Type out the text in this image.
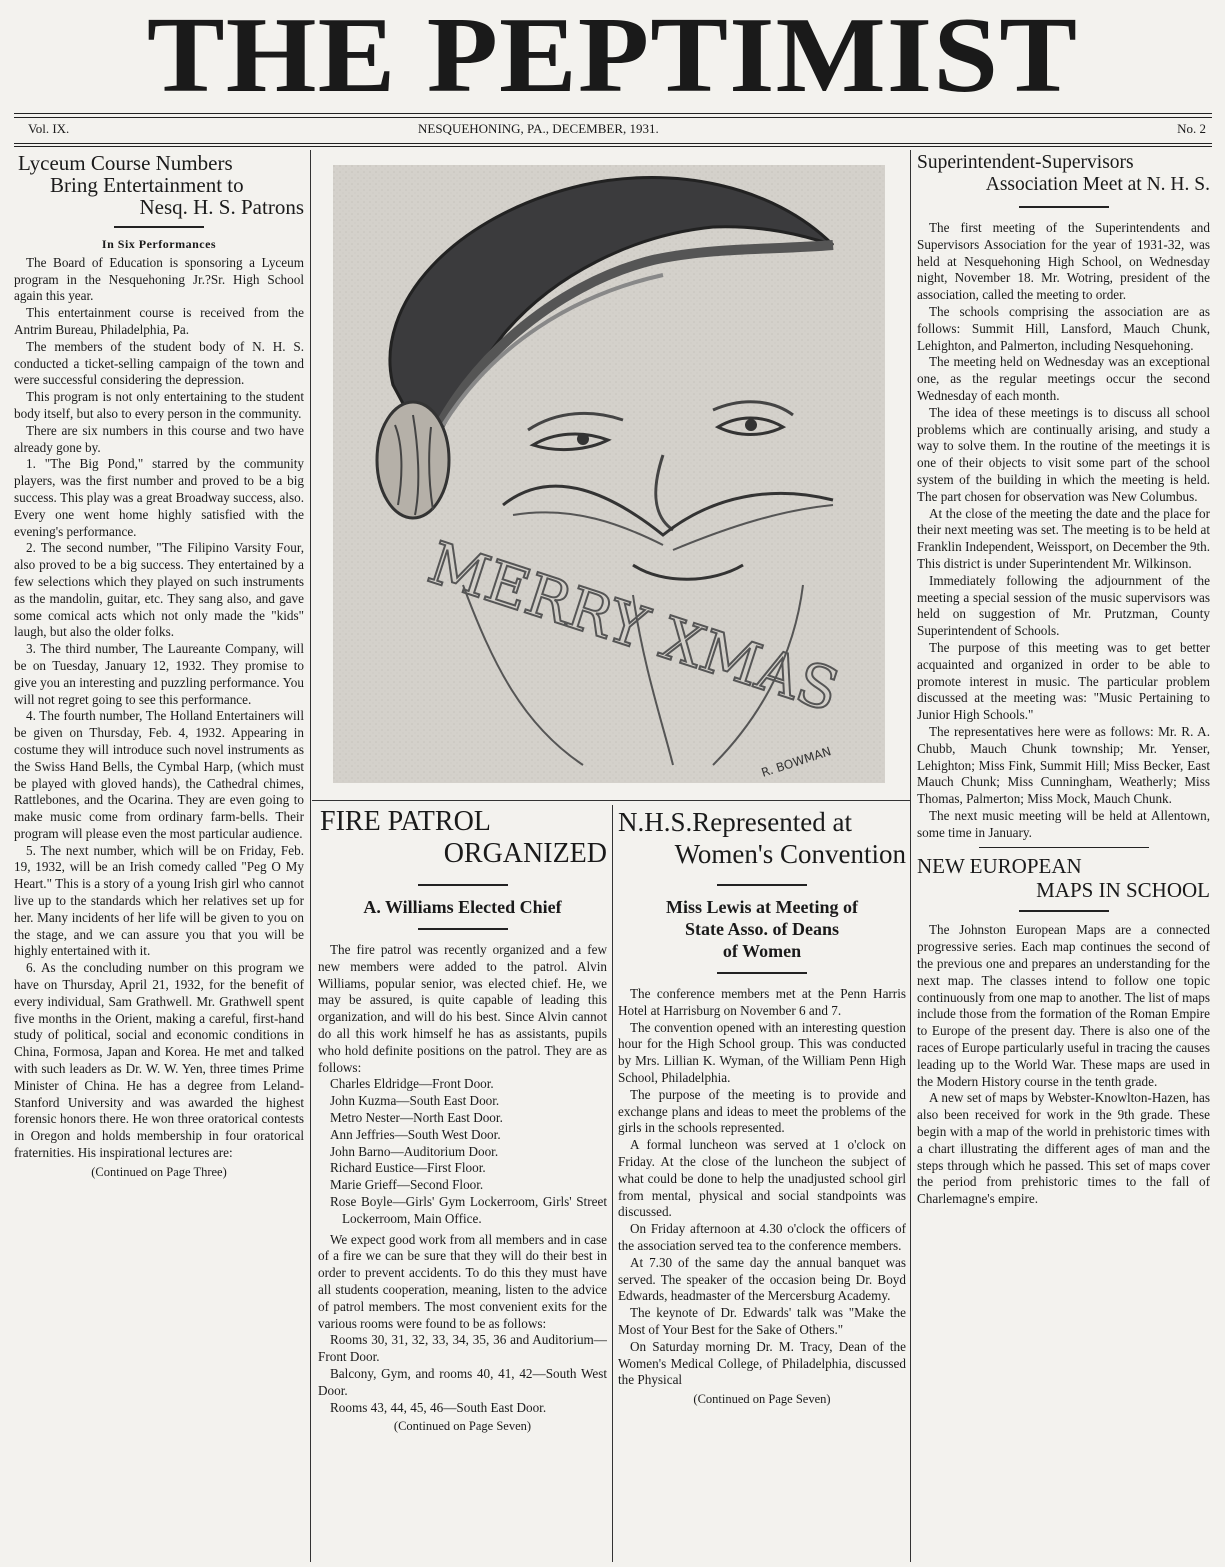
THE PEPTIMIST
Vol. IX.	NESQUEHONING, PA., DECEMBER, 1931.	No. 2
Lyceum Course Numbers
Bring Entertainment to
Nesq. H. S. Patrons
In Six Performances

The Board of Education is sponsoring a Lyceum program in the Nesquehoning Jr.?Sr. High School again this year.

This entertainment course is received from the Antrim Bureau, Philadelphia, Pa.

The members of the student body of N. H. S. conducted a ticket-selling campaign of the town and were successful considering the depression.

This program is not only entertaining to the student body itself, but also to every person in the community.

There are six numbers in this course and two have already gone by.

1. "The Big Pond," starred by the community players, was the first number and proved to be a big success. This play was a great Broadway success, also. Every one went home highly satisfied with the evening's performance.

2. The second number, "The Filipino Varsity Four, also proved to be a big success. They entertained by a few selections which they played on such instruments as the mandolin, guitar, etc. They sang also, and gave some comical acts which not only made the "kids" laugh, but also the older folks.

3. The third number, The Laureante Company, will be on Tuesday, January 12, 1932. They promise to give you an interesting and puzzling performance. You will not regret going to see this performance.

4. The fourth number, The Holland Entertainers will be given on Thursday, Feb. 4, 1932. Appearing in costume they will introduce such novel instruments as the Swiss Hand Bells, the Cymbal Harp, (which must be played with gloved hands), the Cathedral chimes, Rattlebones, and the Ocarina. They are even going to make music come from ordinary farm-bells. Their program will please even the most particular audience.

5. The next number, which will be on Friday, Feb. 19, 1932, will be an Irish comedy called "Peg O My Heart." This is a story of a young Irish girl who cannot live up to the standards which her relatives set up for her. Many incidents of her life will be given to you on the stage, and we can assure you that you will be highly entertained with it.

6. As the concluding number on this program we have on Thursday, April 21, 1932, for the benefit of every individual, Sam Grathwell. Mr. Grathwell spent five months in the Orient, making a careful, first-hand study of political, social and economic conditions in China, Formosa, Japan and Korea. He met and talked with such leaders as Dr. W. W. Yen, three times Prime Minister of China. He has a degree from Leland-Stanford University and was awarded the highest forensic honors there. He won three oratorical contests in Oregon and holds membership in four oratorical fraternities. His inspirational lectures are:

(Continued on Page Three)
MERRY XMAS
R. BOWMAN
FIRE PATROL
ORGANIZED
A. Williams Elected Chief

The fire patrol was recently organized and a few new members were added to the patrol. Alvin Williams, popular senior, was elected chief. He, we may be assured, is quite capable of leading this organization, and will do his best. Since Alvin cannot do all this work himself he has as assistants, pupils who hold definite positions on the patrol. They are as follows:

Charles Eldridge—Front Door.

John Kuzma—South East Door.

Metro Nester—North East Door.

Ann Jeffries—South West Door.

John Barno—Auditorium Door.

Richard Eustice—First Floor.

Marie Grieff—Second Floor.

Rose Boyle—Girls' Gym Lockerroom, Girls' Street Lockerroom, Main Office.

We expect good work from all members and in case of a fire we can be sure that they will do their best in order to prevent accidents. To do this they must have all students cooperation, meaning, listen to the advice of patrol members. The most convenient exits for the various rooms were found to be as follows:

Rooms 30, 31, 32, 33, 34, 35, 36 and Auditorium—Front Door.

Balcony, Gym, and rooms 40, 41, 42—South West Door.

Rooms 43, 44, 45, 46—South East Door.

(Continued on Page Seven)
N.H.S.Represented at
Women's Convention
Miss Lewis at Meeting of
State Asso. of Deans
of Women

The conference members met at the Penn Harris Hotel at Harrisburg on November 6 and 7.

The convention opened with an interesting question hour for the High School group. This was conducted by Mrs. Lillian K. Wyman, of the William Penn High School, Philadelphia.

The purpose of the meeting is to provide and exchange plans and ideas to meet the problems of the girls in the schools represented.

A formal luncheon was served at 1 o'clock on Friday. At the close of the luncheon the subject of what could be done to help the unadjusted school girl from mental, physical and social standpoints was discussed.

On Friday afternoon at 4.30 o'clock the officers of the association served tea to the conference members.

At 7.30 of the same day the annual banquet was served. The speaker of the occasion being Dr. Boyd Edwards, headmaster of the Mercersburg Academy.

The keynote of Dr. Edwards' talk was "Make the Most of Your Best for the Sake of Others."

On Saturday morning Dr. M. Tracy, Dean of the Women's Medical College, of Philadelphia, discussed the Physical

(Continued on Page Seven)
Superintendent-Supervisors
Association Meet at N. H. S.

The first meeting of the Superintendents and Supervisors Association for the year of 1931-32, was held at Nesquehoning High School, on Wednesday night, November 18. Mr. Wotring, president of the association, called the meeting to order.

The schools comprising the association are as follows: Summit Hill, Lansford, Mauch Chunk, Lehighton, and Palmerton, including Nesquehoning.

The meeting held on Wednesday was an exceptional one, as the regular meetings occur the second Wednesday of each month.

The idea of these meetings is to discuss all school problems which are continually arising, and study a way to solve them. In the routine of the meetings it is one of their objects to visit some part of the school system of the building in which the meeting is held. The part chosen for observation was New Columbus.

At the close of the meeting the date and the place for their next meeting was set. The meeting is to be held at Franklin Independent, Weissport, on December the 9th. This district is under Superintendent Mr. Wilkinson.

Immediately following the adjournment of the meeting a special session of the music supervisors was held on suggestion of Mr. Prutzman, County Superintendent of Schools.

The purpose of this meeting was to get better acquainted and organized in order to be able to promote interest in music. The particular problem discussed at the meeting was: "Music Pertaining to Junior High Schools."

The representatives here were as follows: Mr. R. A. Chubb, Mauch Chunk township; Mr. Yenser, Lehighton; Miss Fink, Summit Hill; Miss Becker, East Mauch Chunk; Miss Cunningham, Weatherly; Miss Thomas, Palmerton; Miss Mock, Mauch Chunk.

The next music meeting will be held at Allentown, some time in January.

NEW EUROPEAN
MAPS IN SCHOOL

The Johnston European Maps are a connected progressive series. Each map continues the second of the previous one and prepares an understanding for the next map. The classes intend to follow one topic continuously from one map to another. The list of maps include those from the formation of the Roman Empire to Europe of the present day. There is also one of the races of Europe particularly useful in tracing the causes leading up to the World War. These maps are used in the Modern History course in the tenth grade.

A new set of maps by Webster-Knowlton-Hazen, has also been received for work in the 9th grade. These begin with a map of the world in prehistoric times with a chart illustrating the different ages of man and the steps through which he passed. This set of maps cover the period from prehistoric times to the fall of Charlemagne's empire.
